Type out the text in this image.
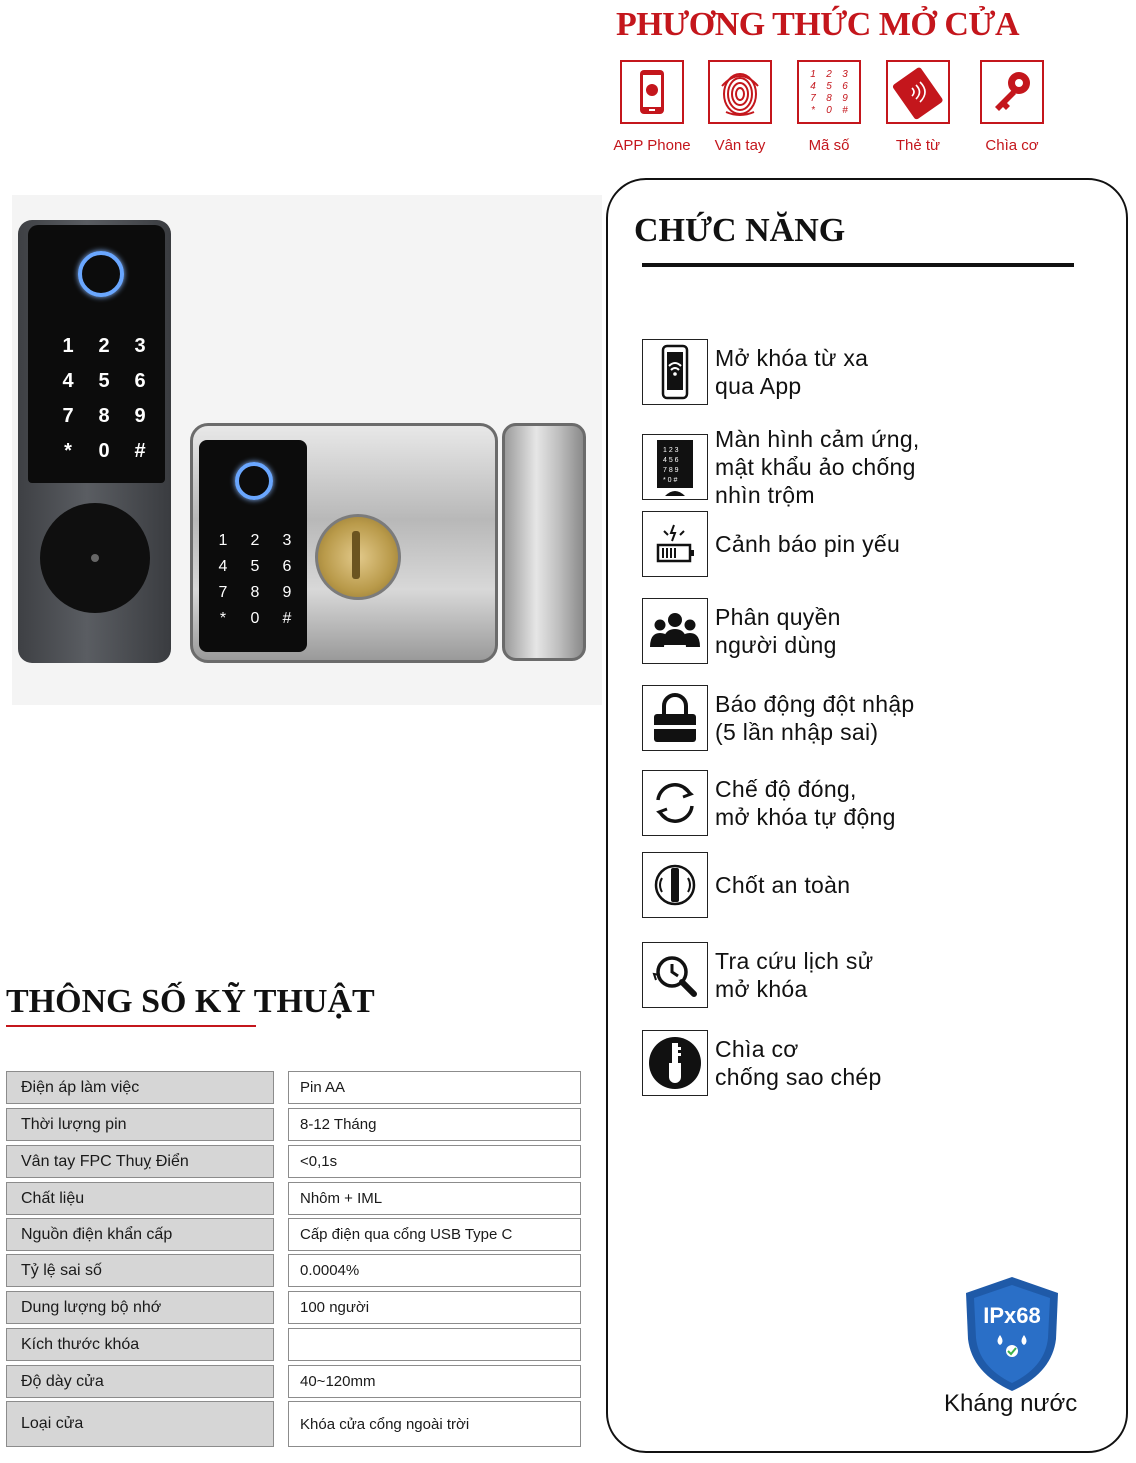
PHƯƠNG THỨC MỞ CỬA
APP Phone	Vân tay
1	2	3
4	5	6
7	8	9
*	0	#
Mã số	Thẻ từ	Chìa cơ
1	2	3
4	5	6
7	8	9
*	0	#
1	2	3
4	5	6
7	8	9
*	0	#
CHỨC NĂNG
Mở khóa từ xa
qua App
1 2 3
4 5 6
7 8 9
* 0 #
Màn hình cảm ứng,
mật khẩu ảo chống
nhìn trộm
Cảnh báo pin yếu
Phân quyền
người dùng
Báo động đột nhập
(5 lần nhập sai)
Chế độ đóng,
mở khóa tự động
Chốt an toàn
Tra cứu lịch sử
mở khóa
Chìa cơ
chống sao chép
IPx68
Kháng nước
THÔNG SỐ KỸ THUẬT
Điện áp làm việc	Pin AA
Thời lượng pin	8-12 Tháng
Vân tay FPC Thuỵ Điển	<0,1s
Chất liệu	Nhôm + IML
Nguồn điện khẩn cấp	Cấp điện qua cổng USB Type C
Tỷ lệ sai số	0.0004%
Dung lượng bộ nhớ	100 người
Kích thước khóa
Độ dày cửa	40~120mm
Loại cửa	Khóa cửa cổng ngoài trời
